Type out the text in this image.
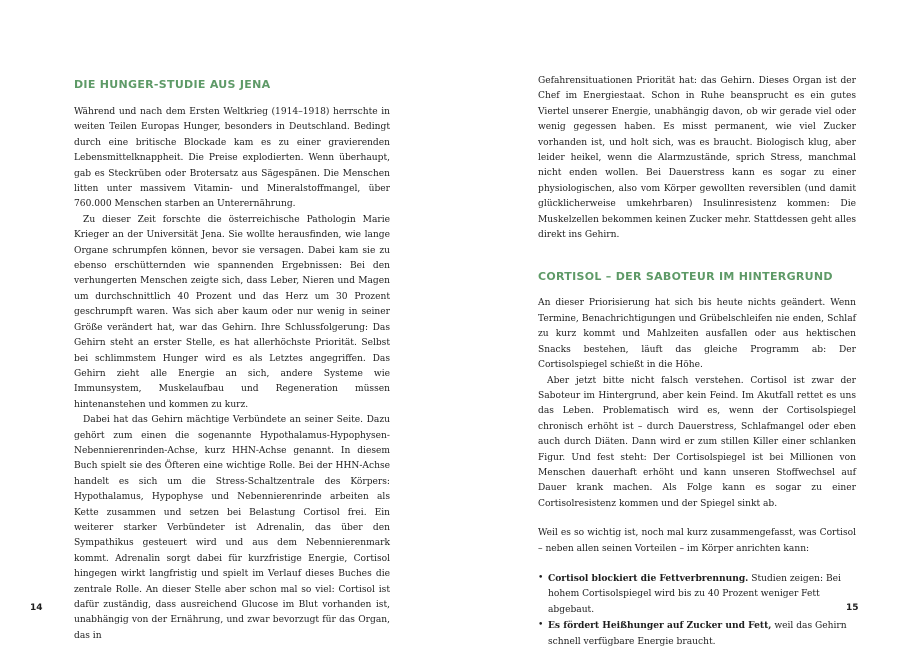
DIE HUNGER-STUDIE AUS JENA

Während und nach dem Ersten Weltkrieg (1914–1918) herrschte in weiten Teilen Europas Hunger, besonders in Deutschland. Bedingt durch eine britische Blockade kam es zu einer gravierenden Lebensmittelknappheit. Die Preise explodierten. Wenn überhaupt, gab es Steckrüben oder Brotersatz aus Sägespänen. Die Menschen litten unter massivem Vitamin- und Mineralstoffmangel, über 760.000 Menschen starben an Unterernährung.

Zu dieser Zeit forschte die österreichische Pathologin Marie Krieger an der Universität Jena. Sie wollte herausfinden, wie lange Organe schrumpfen können, bevor sie versagen. Dabei kam sie zu ebenso erschütternden wie spannenden Ergebnissen: Bei den verhungerten Menschen zeigte sich, dass Leber, Nieren und Magen um durchschnittlich 40 Prozent und das Herz um 30 Prozent geschrumpft waren. Was sich aber kaum oder nur wenig in seiner Größe verändert hat, war das Gehirn. Ihre Schlussfolgerung: Das Gehirn steht an erster Stelle, es hat allerhöchste Priorität. Selbst bei schlimmstem Hunger wird es als Letztes angegriffen. Das Gehirn zieht alle Energie an sich, andere Systeme wie Immunsystem, Muskelaufbau und Regeneration müssen hintenanstehen und kommen zu kurz.

Dabei hat das Gehirn mächtige Verbündete an seiner Seite. Dazu gehört zum einen die sogenannte Hypothalamus-Hypophysen-Nebennierenrinden-Achse, kurz HHN-Achse genannt. In diesem Buch spielt sie des Öfteren eine wichtige Rolle. Bei der HHN-Achse handelt es sich um die Stress-Schaltzentrale des Körpers: Hypothalamus, Hypophyse und Nebennierenrinde arbeiten als Kette zusammen und setzen bei Belastung Cortisol frei. Ein weiterer starker Verbündeter ist Adrenalin, das über den Sympathikus gesteuert wird und aus dem Nebennierenmark kommt. Adrenalin sorgt dabei für kurzfristige Energie, Cortisol hingegen wirkt langfristig und spielt im Verlauf dieses Buches die zentrale Rolle. An dieser Stelle aber schon mal so viel: Cortisol ist dafür zuständig, dass ausreichend Glucose im Blut vorhanden ist, unabhängig von der Ernährung, und zwar bevorzugt für das Organ, das in

14

Gefahrensituationen Priorität hat: das Gehirn. Dieses Organ ist der Chef im Energiestaat. Schon in Ruhe beansprucht es ein gutes Viertel unserer Energie, unabhängig davon, ob wir gerade viel oder wenig gegessen haben. Es misst permanent, wie viel Zucker vorhanden ist, und holt sich, was es braucht. Biologisch klug, aber leider heikel, wenn die Alarmzustände, sprich Stress, manchmal nicht enden wollen. Bei Dauerstress kann es sogar zu einer physiologischen, also vom Körper gewollten reversiblen (und damit glücklicherweise umkehrbaren) Insulinresistenz kommen: Die Muskelzellen bekommen keinen Zucker mehr. Stattdessen geht alles direkt ins Gehirn.

CORTISOL – DER SABOTEUR IM HINTERGRUND

An dieser Priorisierung hat sich bis heute nichts geändert. Wenn Termine, Benachrichtigungen und Grübelschleifen nie enden, Schlaf zu kurz kommt und Mahlzeiten ausfallen oder aus hektischen Snacks bestehen, läuft das gleiche Programm ab: Der Cortisolspiegel schießt in die Höhe.

Aber jetzt bitte nicht falsch verstehen. Cortisol ist zwar der Saboteur im Hintergrund, aber kein Feind. Im Akutfall rettet es uns das Leben. Problematisch wird es, wenn der Cortisolspiegel chronisch erhöht ist – durch Dauerstress, Schlafmangel oder eben auch durch Diäten. Dann wird er zum stillen Killer einer schlanken Figur. Und fest steht: Der Cortisolspiegel ist bei Millionen von Menschen dauerhaft erhöht und kann unseren Stoffwechsel auf Dauer krank machen. Als Folge kann es sogar zu einer Cortisolresistenz kommen und der Spiegel sinkt ab.

Weil es so wichtig ist, noch mal kurz zusammengefasst, was Cortisol – neben allen seinen Vorteilen – im Körper anrichten kann:

• Cortisol blockiert die Fettverbrennung. Studien zeigen: Bei hohem Cortisolspiegel wird bis zu 40 Prozent weniger Fett abgebaut.
• Es fördert Heißhunger auf Zucker und Fett, weil das Gehirn schnell verfügbare Energie braucht.
15
